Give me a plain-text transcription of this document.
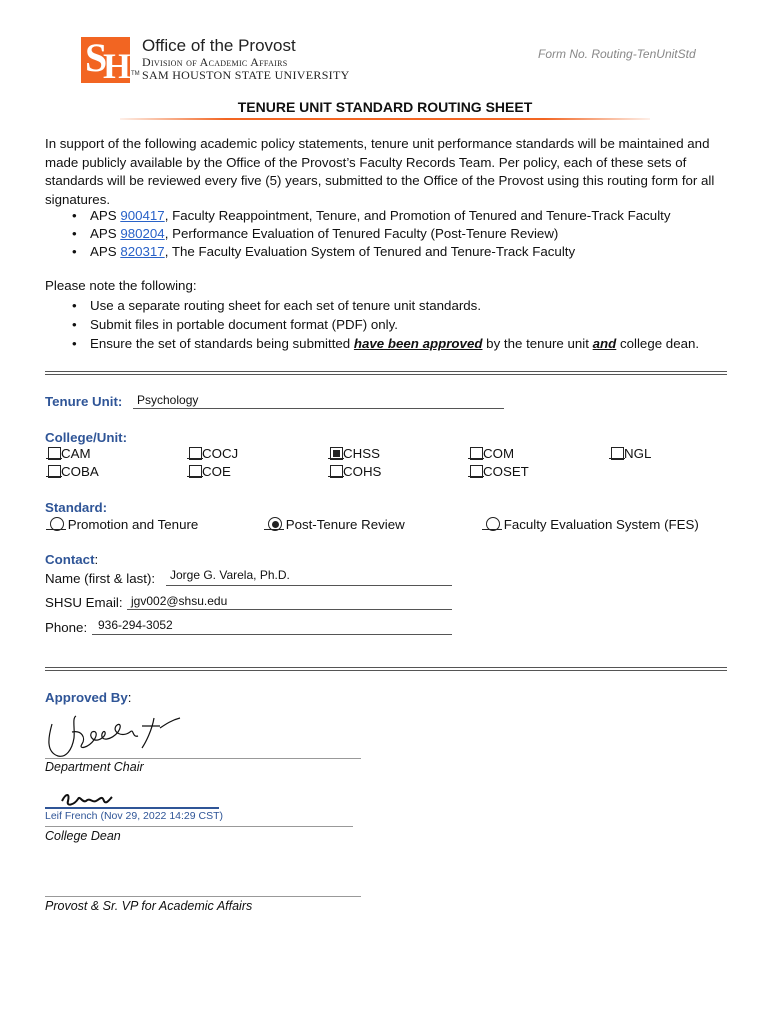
S
H TM
Office of the Provost
Division of Academic Affairs
SAM HOUSTON STATE UNIVERSITY
Form No. Routing-TenUnitStd
TENURE UNIT STANDARD ROUTING SHEET
In support of the following academic policy statements, tenure unit performance standards will be maintained and made publicly available by the Office of the Provost’s Faculty Records Team. Per policy, each of these sets of standards will be reviewed every five (5) years, submitted to the Office of the Provost using this routing form for all signatures.
• APS 900417, Faculty Reappointment, Tenure, and Promotion of Tenured and Tenure-Track Faculty
• APS 980204, Performance Evaluation of Tenured Faculty (Post-Tenure Review)
• APS 820317, The Faculty Evaluation System of Tenured and Tenure-Track Faculty
Please note the following:
• Use a separate routing sheet for each set of tenure unit standards.
• Submit files in portable document format (PDF) only.
• Ensure the set of standards being submitted have been approved by the tenure unit and college dean.
Tenure Unit: Psychology
College/Unit:
CAM
COBA
COCJ
COE
CHSS
COHS
COM
COSET
NGL
Standard:
Promotion and Tenure	Post-Tenure Review	Faculty Evaluation System (FES)
Contact:
Name (first & last): Jorge G. Varela, Ph.D.
SHSU Email: jgv002@shsu.edu
Phone: 936-294-3052
Approved By:
Department Chair
Leif French (Nov 29, 2022 14:29 CST)
College Dean
Provost & Sr. VP for Academic Affairs
